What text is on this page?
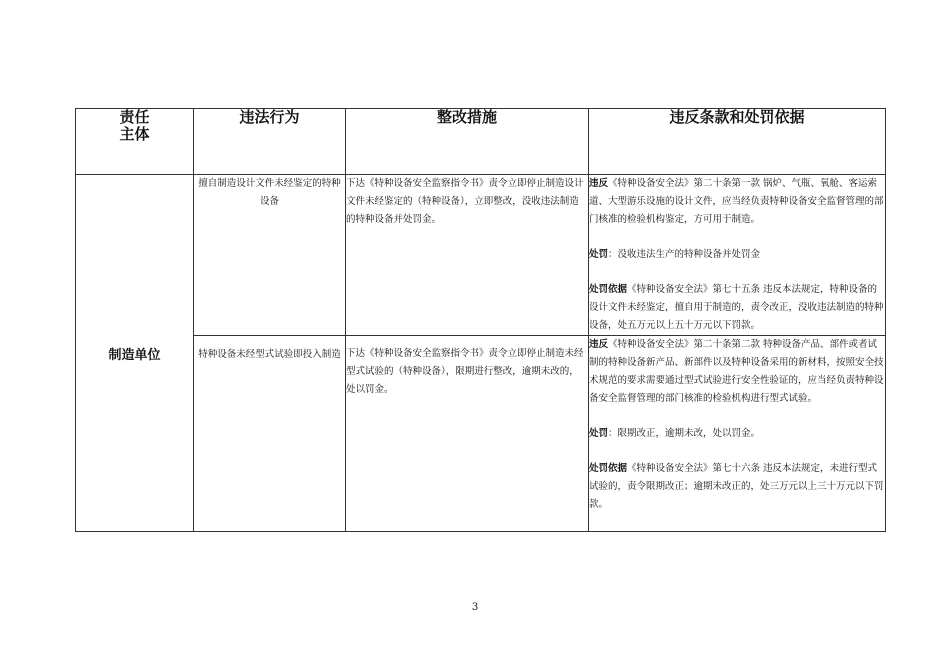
责任
主体	违法行为	整改措施	违反条款和处罚依据
制造单位	擅自制造设计文件未经鉴定的特种设备	下达《特种设备安全监察指令书》责令立即停止制造设计文件未经鉴定的（特种设备），立即整改，没收违法制造的特种设备并处罚金。	违反《特种设备安全法》第二十条第一款 锅炉、气瓶、氧舱、客运索道、大型游乐设施的设计文件，应当经负责特种设备安全监督管理的部门核准的检验机构鉴定，方可用于制造。

处罚：没收违法生产的特种设备并处罚金

处罚依据《特种设备安全法》第七十五条 违反本法规定，特种设备的设计文件未经鉴定，擅自用于制造的，责令改正，没收违法制造的特种设备，处五万元以上五十万元以下罚款。

	特种设备未经型式试验即投入制造	下达《特种设备安全监察指令书》责令立即停止制造未经型式试验的（特种设备），限期进行整改，逾期未改的，处以罚金。	违反《特种设备安全法》第二十条第二款 特种设备产品、部件或者试制的特种设备新产品、新部件以及特种设备采用的新材料，按照安全技术规范的要求需要通过型式试验进行安全性验证的，应当经负责特种设备安全监督管理的部门核准的检验机构进行型式试验。

处罚：限期改正，逾期未改，处以罚金。

处罚依据《特种设备安全法》第七十六条 违反本法规定，未进行型式试验的，责令限期改正；逾期未改正的，处三万元以上三十万元以下罚款。

3
